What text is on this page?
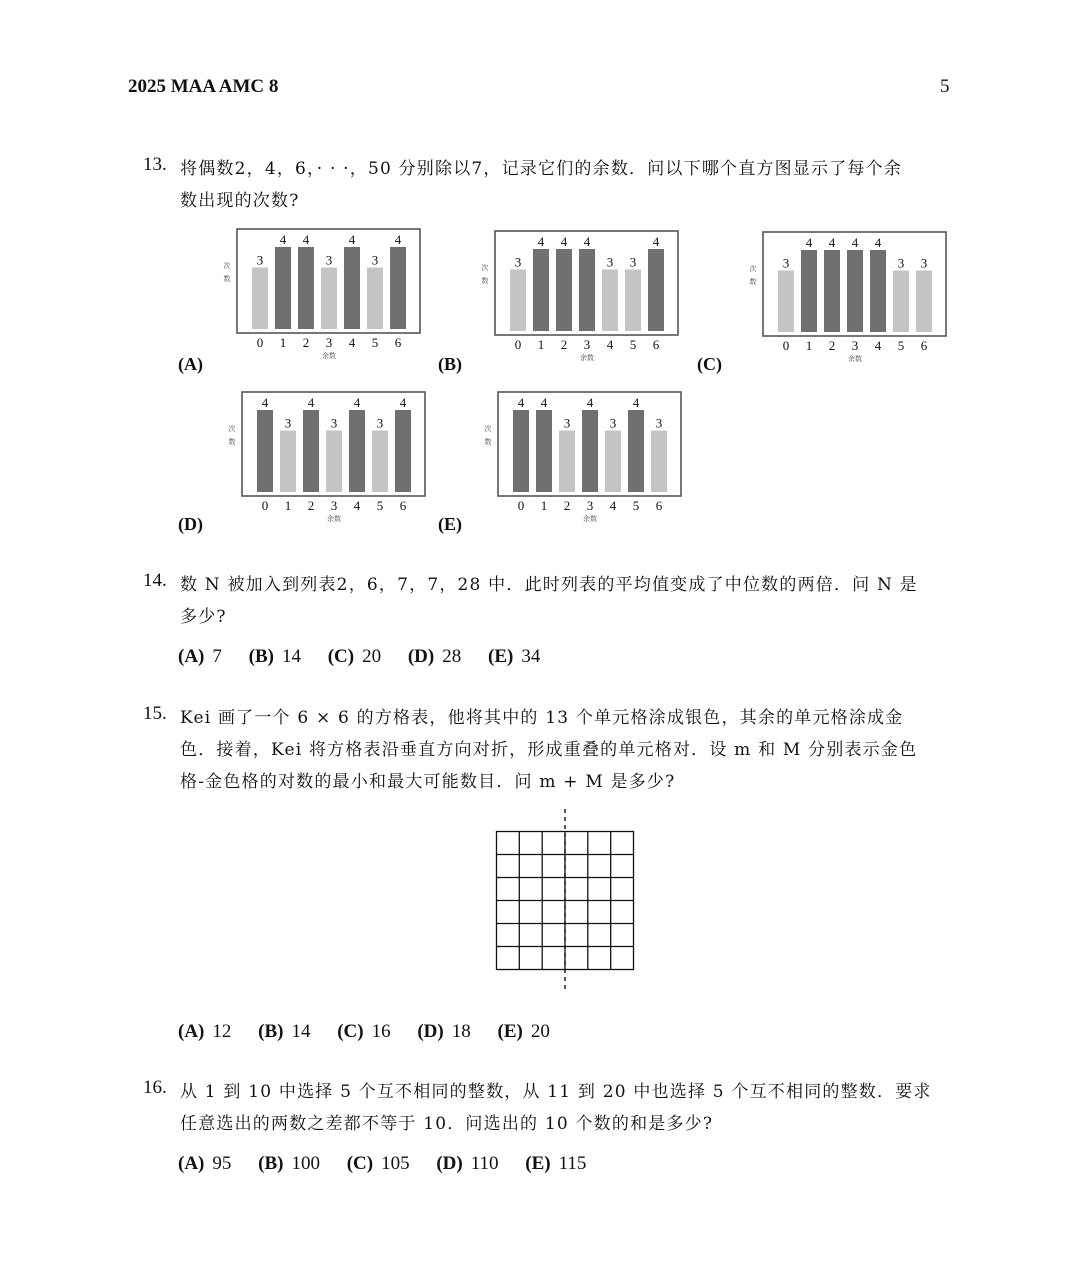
2025 MAA AMC 8	5
13. 将偶数2，4，6，· · ·，50 分别除以7，记录它们的余数．问以下哪个直方图显示了每个余
数出现的次数?
3
0
4
1
4
2
3
3
4
4
3
5
4
6
余数
次数	3
0
4
1
4
2
4
3
3
4
3
5
4
6
余数
次数
3
0
4
1
4
2
4
3
4
4
3
5
3
6
余数
次数
4
0
3
1
4
2
3
3
4
4
3
5
4
6
余数
次数
4
0
4
1
3
2
4
3
3
4
4
5
3
6
余数
次数
(A)	(B)	(C)
(D)	(E)
14. 数 N 被加入到列表2，6，7，7，28 中．此时列表的平均值变成了中位数的两倍．问 N 是
多少?
(A) 7 (B) 14 (C) 20 (D) 28 (E) 34
15. Kei 画了一个 6 × 6 的方格表，他将其中的 13 个单元格涂成银色，其余的单元格涂成金
色．接着，Kei 将方格表沿垂直方向对折，形成重叠的单元格对．设 m 和 M 分别表示金色
格-金色格的对数的最小和最大可能数目．问 m + M 是多少?
(A) 12 (B) 14 (C) 16 (D) 18 (E) 20
16. 从 1 到 10 中选择 5 个互不相同的整数，从 11 到 20 中也选择 5 个互不相同的整数．要求
任意选出的两数之差都不等于 10．问选出的 10 个数的和是多少?
(A) 95 (B) 100 (C) 105 (D) 110 (E) 115
